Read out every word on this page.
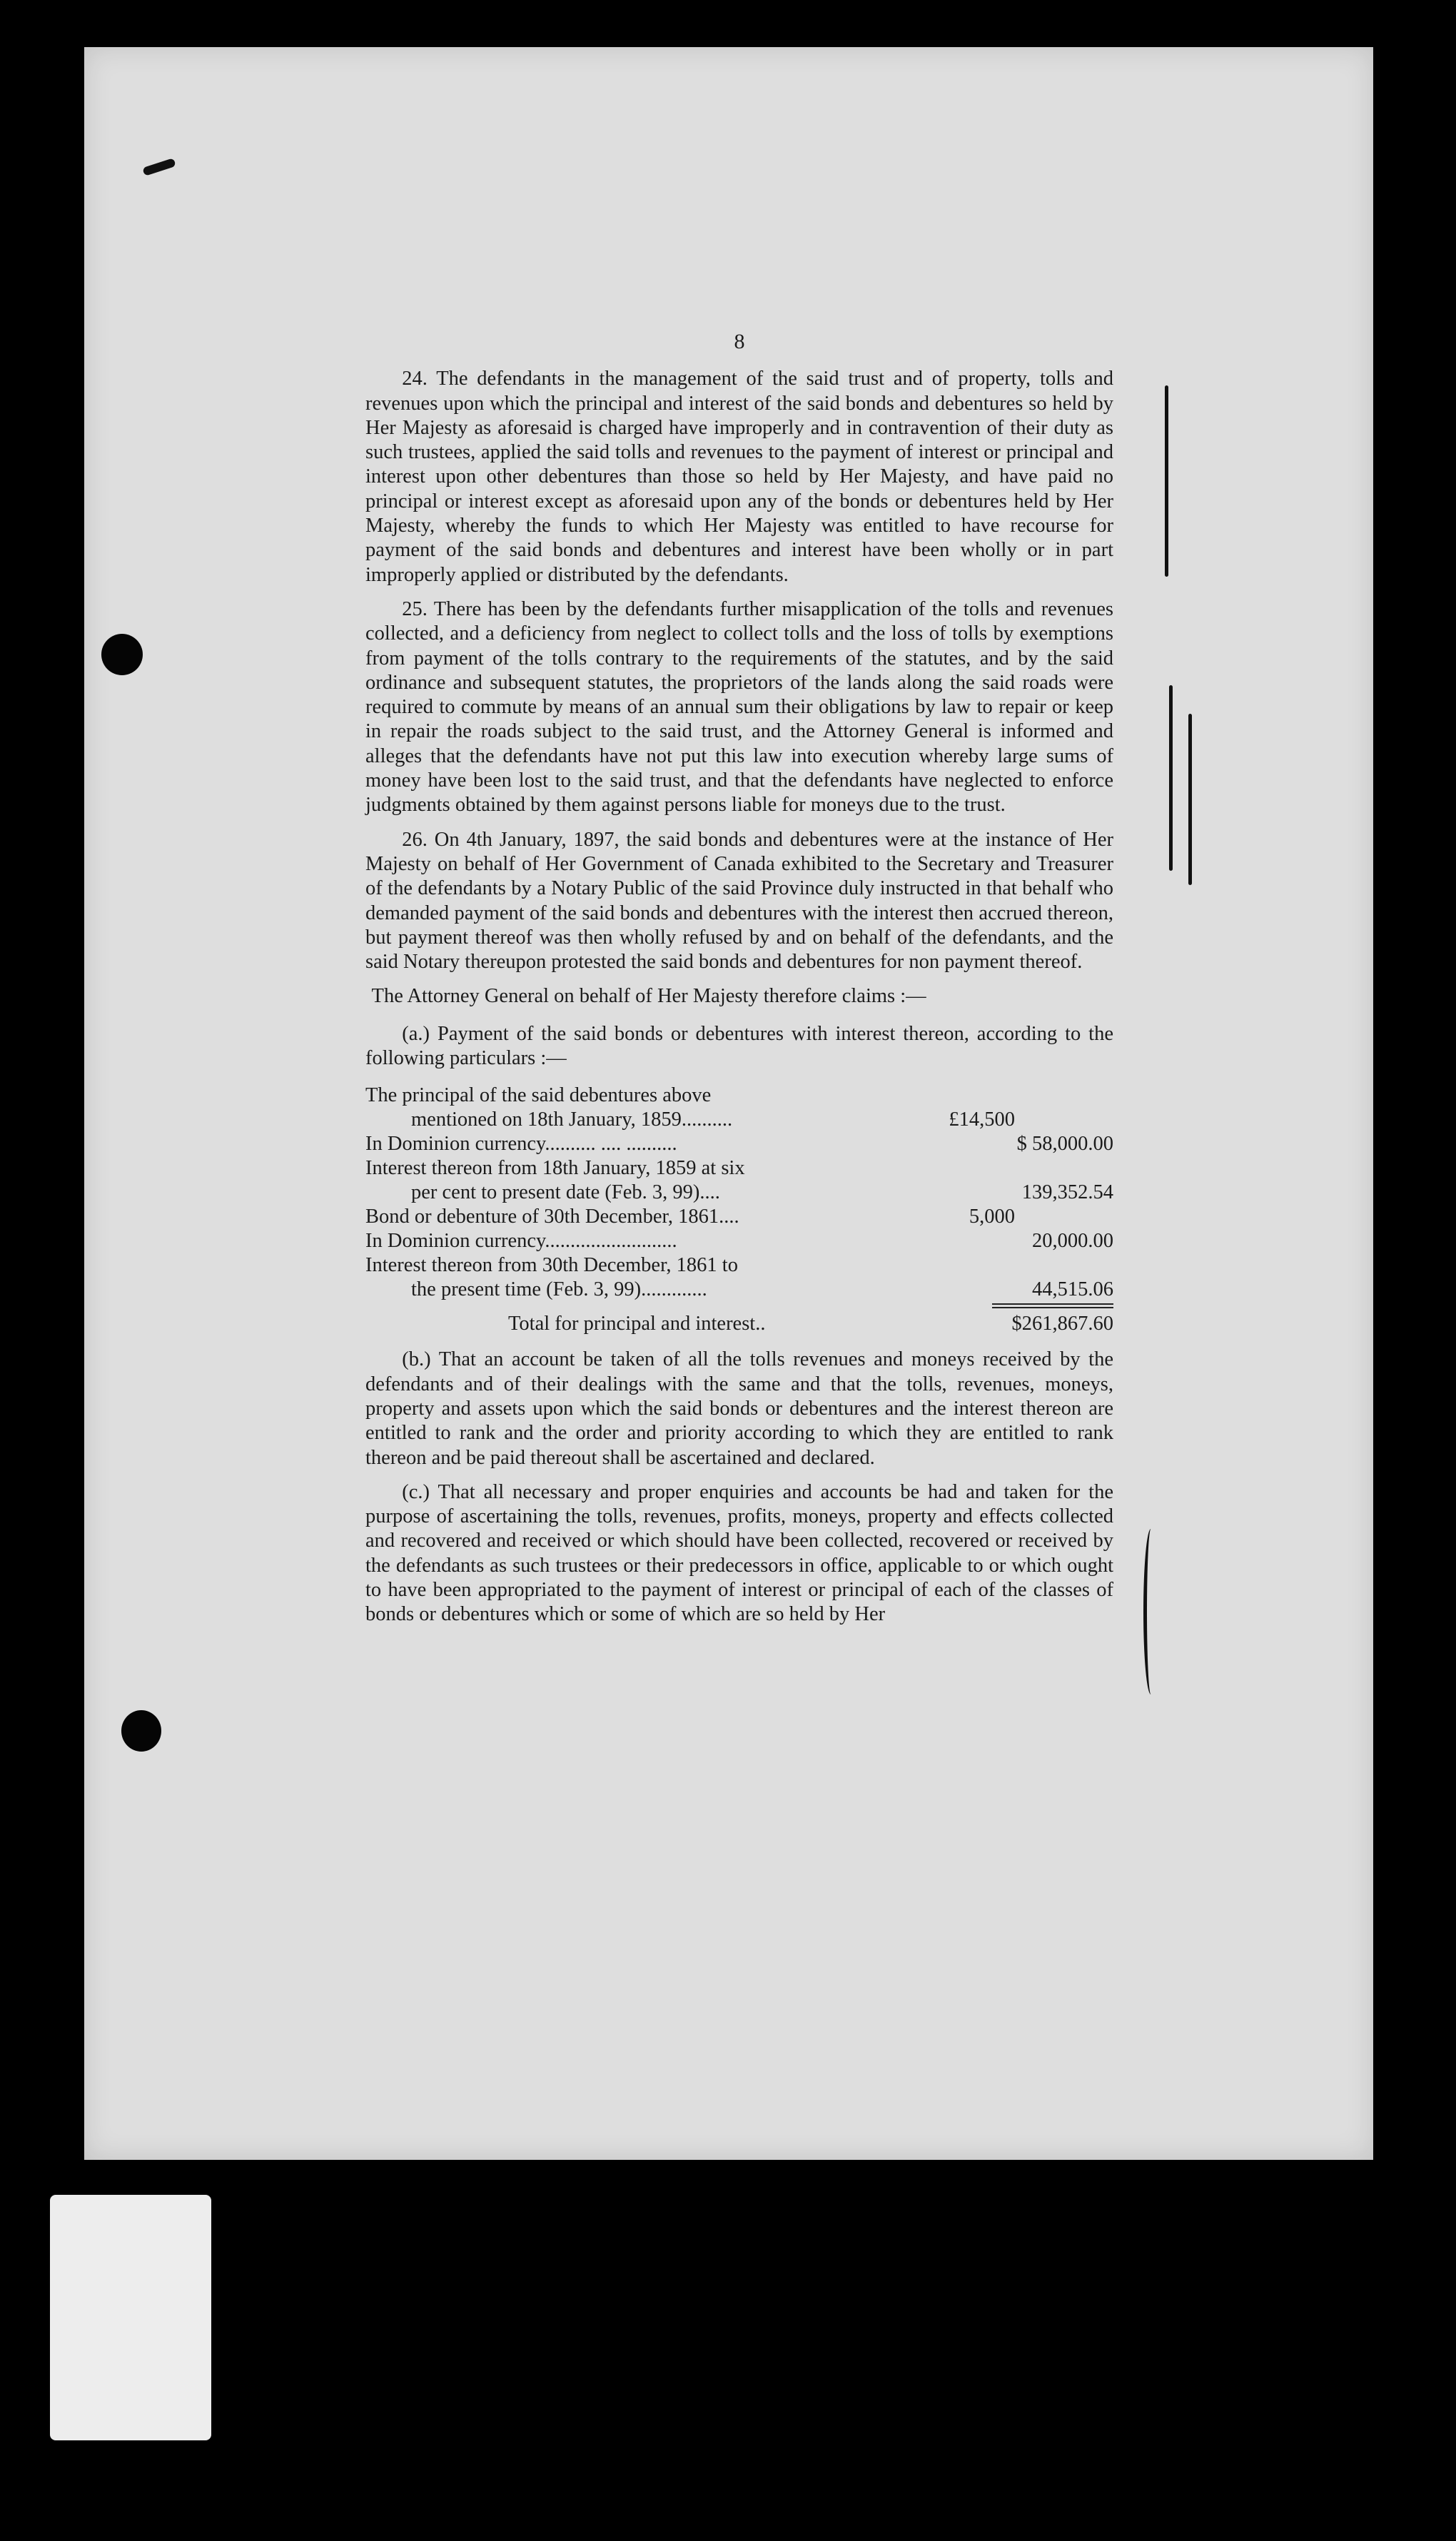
8

24. The defendants in the management of the said trust and of property, tolls and revenues upon which the principal and interest of the said bonds and debentures so held by Her Majesty as aforesaid is charged have improperly and in contravention of their duty as such trustees, applied the said tolls and revenues to the payment of interest or principal and interest upon other debentures than those so held by Her Majesty, and have paid no principal or interest except as aforesaid upon any of the bonds or debentures held by Her Majesty, whereby the funds to which Her Majesty was entitled to have recourse for payment of the said bonds and debentures and interest have been wholly or in part improperly applied or distributed by the defendants.

25. There has been by the defendants further misapplication of the tolls and revenues collected, and a deficiency from neglect to collect tolls and the loss of tolls by exemptions from payment of the tolls contrary to the requirements of the statutes, and by the said ordinance and subsequent statutes, the proprietors of the lands along the said roads were required to commute by means of an annual sum their obligations by law to repair or keep in repair the roads subject to the said trust, and the Attorney General is informed and alleges that the defendants have not put this law into execution whereby large sums of money have been lost to the said trust, and that the defendants have neglected to enforce judgments obtained by them against persons liable for moneys due to the trust.

26. On 4th January, 1897, the said bonds and debentures were at the instance of Her Majesty on behalf of Her Government of Canada exhibited to the Secretary and Treasurer of the defendants by a Notary Public of the said Province duly instructed in that behalf who demanded payment of the said bonds and debentures with the interest then accrued thereon, but payment thereof was then wholly refused by and on behalf of the defendants, and the said Notary thereupon protested the said bonds and debentures for non payment thereof.

The Attorney General on behalf of Her Majesty therefore claims :—

(a.) Payment of the said bonds or debentures with interest thereon, according to the following particulars :—

The principal of the said debentures above
mentioned on 18th January, 1859..........	£14,500
In Dominion currency.......... .... ..........	$ 58,000.00
Interest thereon from 18th January, 1859 at six
per cent to present date (Feb. 3, 99)....	139,352.54
Bond or debenture of 30th December, 1861....	5,000
In Dominion currency..........................	20,000.00
Interest thereon from 30th December, 1861 to
the present time (Feb. 3, 99).............	44,515.06
Total for principal and interest..	$261,867.60

(b.) That an account be taken of all the tolls revenues and moneys received by the defendants and of their dealings with the same and that the tolls, revenues, moneys, property and assets upon which the said bonds or debentures and the interest thereon are entitled to rank and the order and priority according to which they are entitled to rank thereon and be paid thereout shall be ascertained and declared.

(c.) That all necessary and proper enquiries and accounts be had and taken for the purpose of ascertaining the tolls, revenues, profits, moneys, property and effects collected and recovered and received or which should have been collected, recovered or received by the defendants as such trustees or their predecessors in office, applicable to or which ought to have been appropriated to the payment of interest or principal of each of the classes of bonds or debentures which or some of which are so held by Her
